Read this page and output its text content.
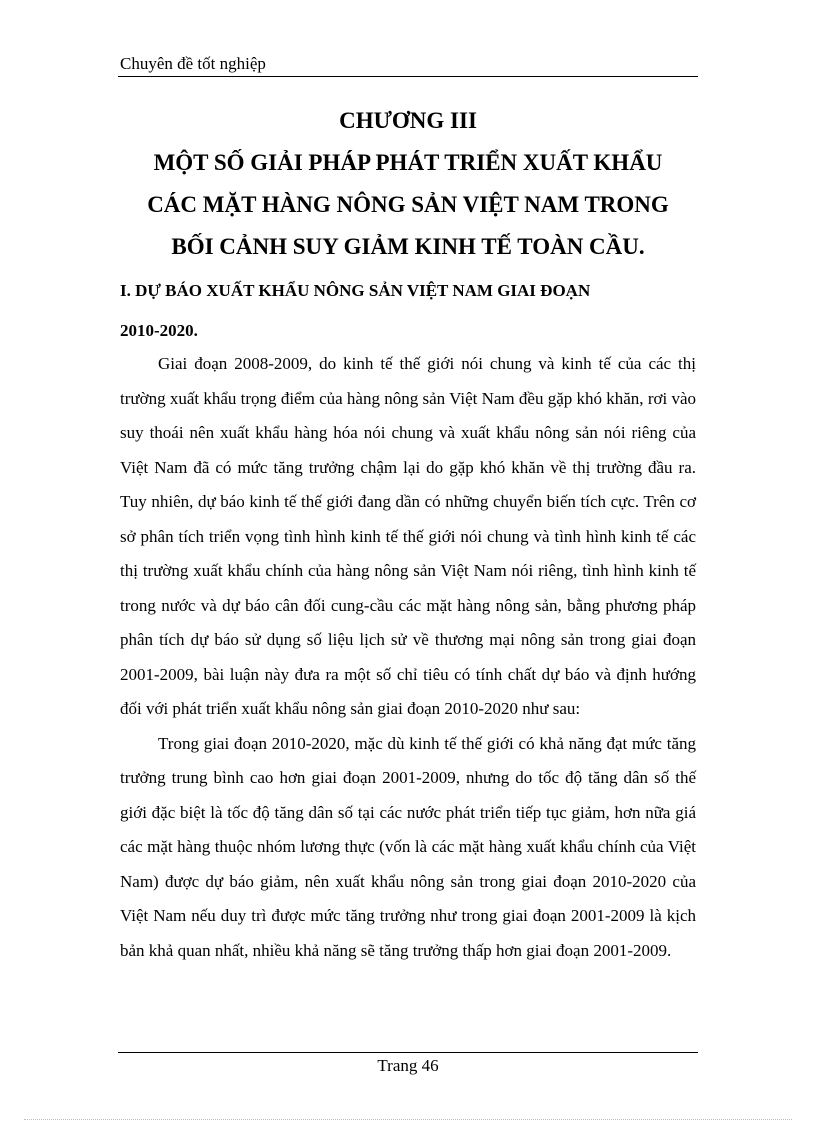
Chuyên đề tốt nghiệp
CHƯƠNG III
MỘT SỐ GIẢI PHÁP PHÁT TRIỂN XUẤT KHẨU
CÁC MẶT HÀNG NÔNG SẢN VIỆT NAM TRONG
BỐI CẢNH SUY GIẢM KINH TẾ TOÀN CẦU.
I. DỰ BÁO XUẤT KHẨU NÔNG SẢN VIỆT NAM GIAI ĐOẠN
2010-2020.

Giai đoạn 2008-2009, do kinh tế thế giới nói chung và kinh tế của các thị trường xuất khẩu trọng điểm của hàng nông sản Việt Nam đều gặp khó khăn, rơi vào suy thoái nên xuất khẩu hàng hóa nói chung và xuất khẩu nông sản nói riêng của Việt Nam đã có mức tăng trưởng chậm lại do gặp khó khăn về thị trường đầu ra. Tuy nhiên, dự báo kinh tế thế giới đang dần có những chuyển biến tích cực. Trên cơ sở phân tích triển vọng tình hình kinh tế thế giới nói chung và tình hình kinh tế các thị trường xuất khẩu chính của hàng nông sản Việt Nam nói riêng, tình hình kinh tế trong nước và dự báo cân đối cung-cầu các mặt hàng nông sản, bằng phương pháp phân tích dự báo sử dụng số liệu lịch sử về thương mại nông sản trong giai đoạn 2001-2009, bài luận này đưa ra một số chỉ tiêu có tính chất dự báo và định hướng đối với phát triển xuất khẩu nông sản giai đoạn 2010-2020 như sau:

Trong giai đoạn 2010-2020, mặc dù kinh tế thế giới có khả năng đạt mức tăng trưởng trung bình cao hơn giai đoạn 2001-2009, nhưng do tốc độ tăng dân số thế giới đặc biệt là tốc độ tăng dân số tại các nước phát triển tiếp tục giảm, hơn nữa giá các mặt hàng thuộc nhóm lương thực (vốn là các mặt hàng xuất khẩu chính của Việt Nam) được dự báo giảm, nên xuất khẩu nông sản trong giai đoạn 2010-2020 của Việt Nam nếu duy trì được mức tăng trưởng như trong giai đoạn 2001-2009 là kịch bản khả quan nhất, nhiều khả năng sẽ tăng trưởng thấp hơn giai đoạn 2001-2009.

Trang 46
